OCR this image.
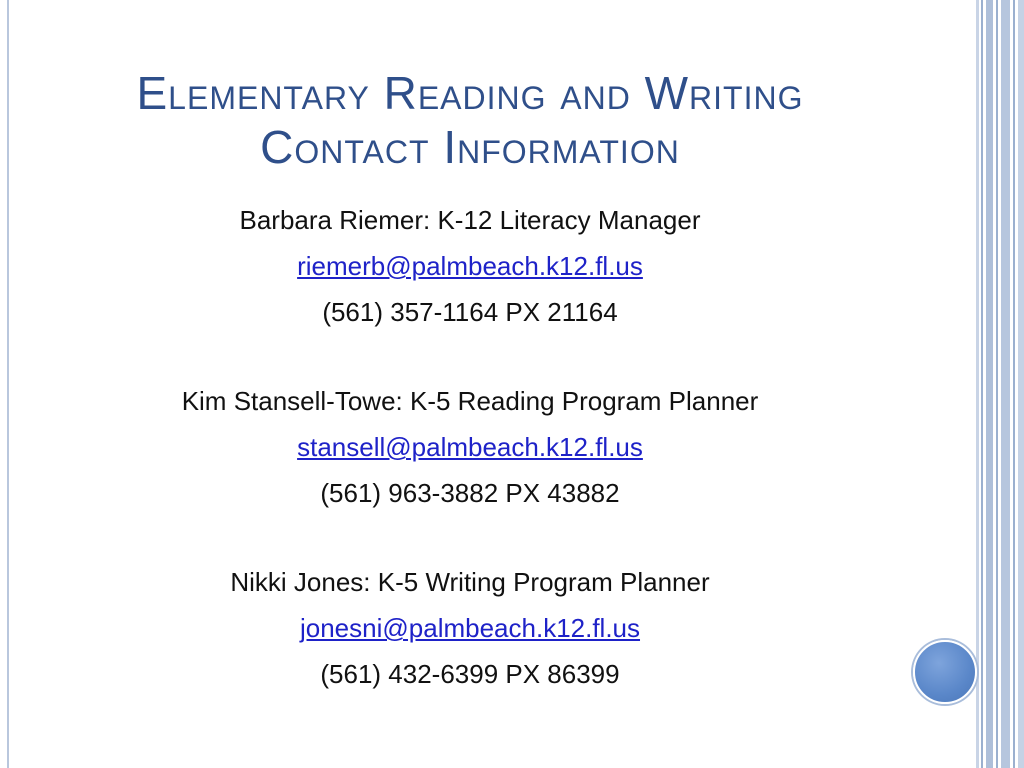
Elementary Reading and Writing
Contact Information
Barbara Riemer: K-12 Literacy Manager
riemerb@palmbeach.k12.fl.us
(561) 357-1164 PX 21164
Kim Stansell-Towe: K-5 Reading Program Planner
stansell@palmbeach.k12.fl.us
(561) 963-3882 PX 43882
Nikki Jones: K-5 Writing Program Planner
jonesni@palmbeach.k12.fl.us
(561) 432-6399 PX 86399
